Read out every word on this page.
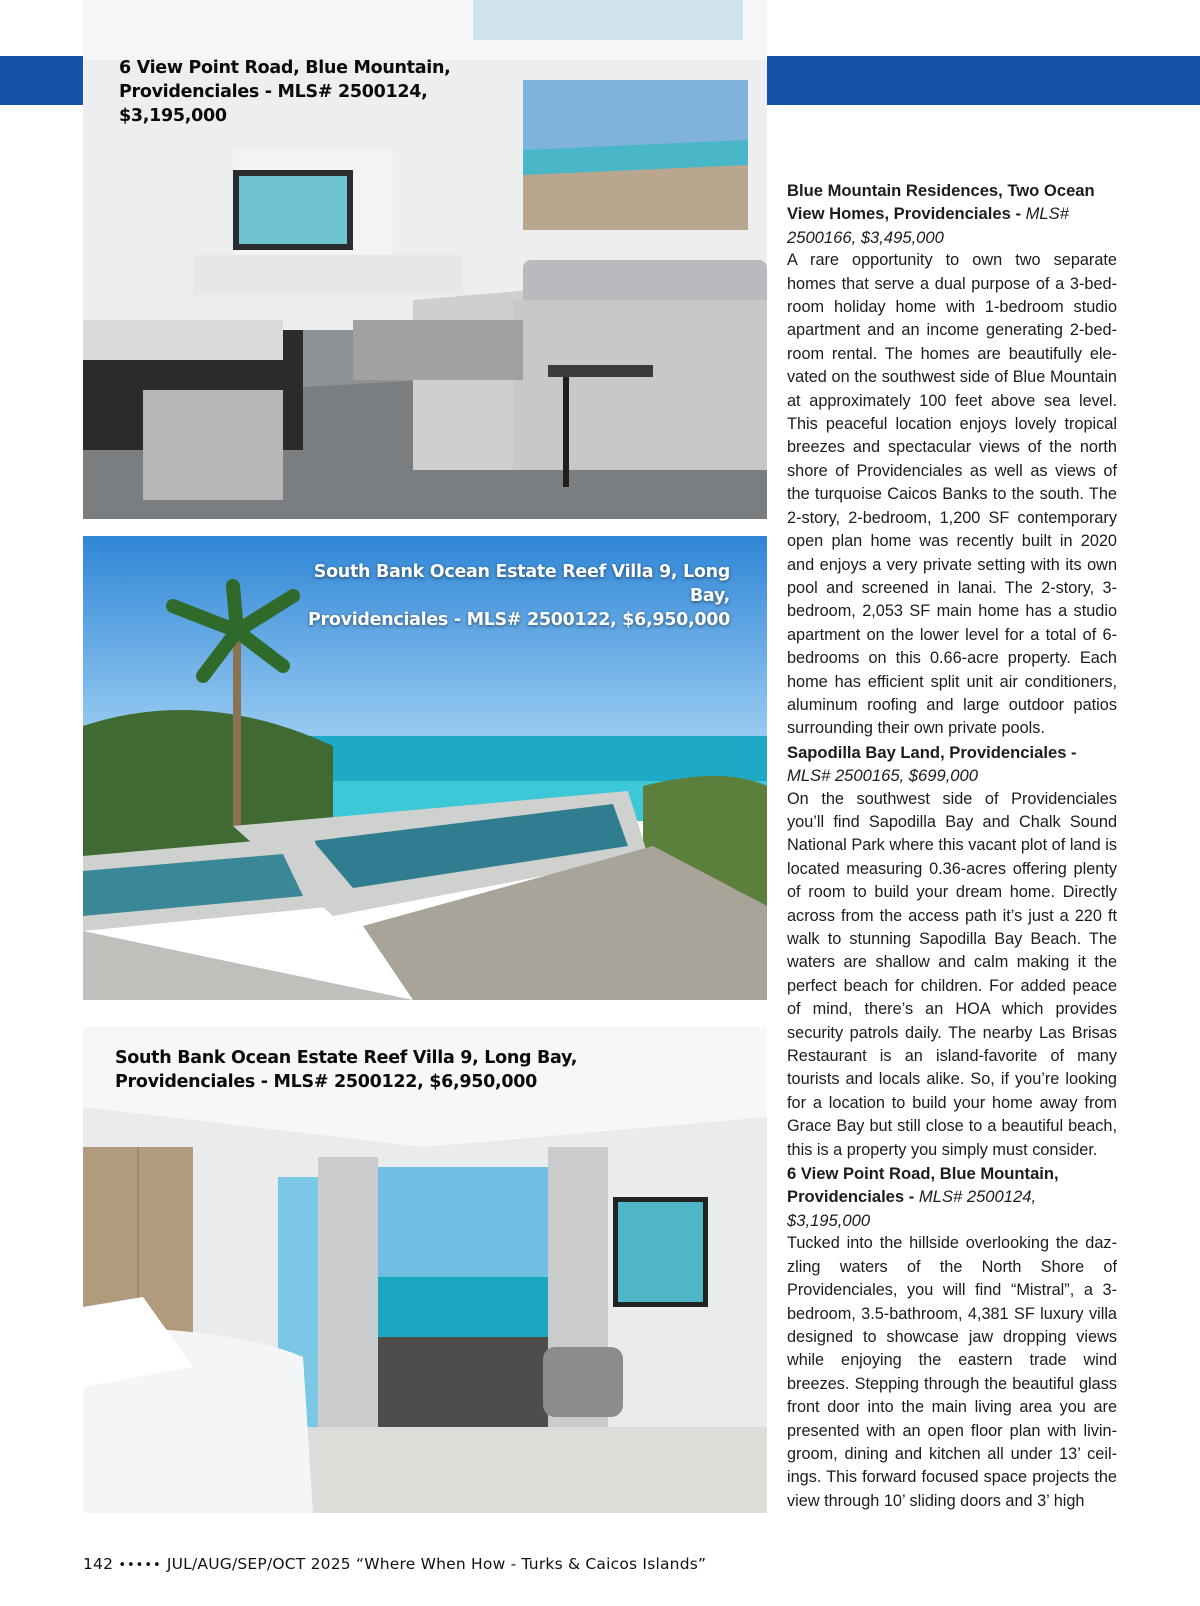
6 View Point Road, Blue Mountain,
Providenciales - MLS# 2500124,
$3,195,000
South Bank Ocean Estate Reef Villa 9, Long Bay,
Providenciales - MLS# 2500122, $6,950,000
South Bank Ocean Estate Reef Villa 9, Long Bay,
Providenciales - MLS# 2500122, $6,950,000

Blue Mountain Residences, Two Ocean View Homes, Providenciales - MLS# 2500166, $3,495,000

A rare opportunity to own two separate homes that serve a dual purpose of a 3-bedroom holiday home with 1-bedroom studio apartment and an income generating 2-bedroom rental. The homes are beautifully elevated on the southwest side of Blue Mountain at approximately 100 feet above sea level. This peaceful location enjoys lovely tropical breezes and spectacular views of the north shore of Providenciales as well as views of the turquoise Caicos Banks to the south. The 2-story, 2-bedroom, 1,200 SF contemporary open plan home was recently built in 2020 and enjoys a very private setting with its own pool and screened in lanai. The 2-story, 3-bedroom, 2,053 SF main home has a studio apartment on the lower level for a total of 6-bedrooms on this 0.66-acre property. Each home has efficient split unit air conditioners, aluminum roofing and large outdoor patios surrounding their own private pools.

Sapodilla Bay Land, Providenciales - MLS# 2500165, $699,000

On the southwest side of Providenciales you’ll find Sapodilla Bay and Chalk Sound National Park where this vacant plot of land is located measuring 0.36-acres offering plenty of room to build your dream home. Directly across from the access path it’s just a 220 ft walk to stunning Sapodilla Bay Beach. The waters are shallow and calm making it the perfect beach for children. For added peace of mind, there’s an HOA which provides security patrols daily. The nearby Las Brisas Restaurant is an island-favorite of many tourists and locals alike. So, if you’re looking for a location to build your home away from Grace Bay but still close to a beautiful beach, this is a property you simply must consider.

6 View Point Road, Blue Mountain, Providenciales - MLS# 2500124, $3,195,000

Tucked into the hillside overlooking the dazzling waters of the North Shore of Providenciales, you will find “Mistral”, a 3-bedroom, 3.5-bathroom, 4,381 SF luxury villa designed to showcase jaw dropping views while enjoying the eastern trade wind breezes. Stepping through the beautiful glass front door into the main living area you are presented with an open floor plan with livingroom, dining and kitchen all under 13’ ceilings. This forward focused space projects the view through 10’ sliding doors and 3’ high

142 ••••• JUL/AUG/SEP/OCT 2025 “Where When How - Turks & Caicos Islands”
